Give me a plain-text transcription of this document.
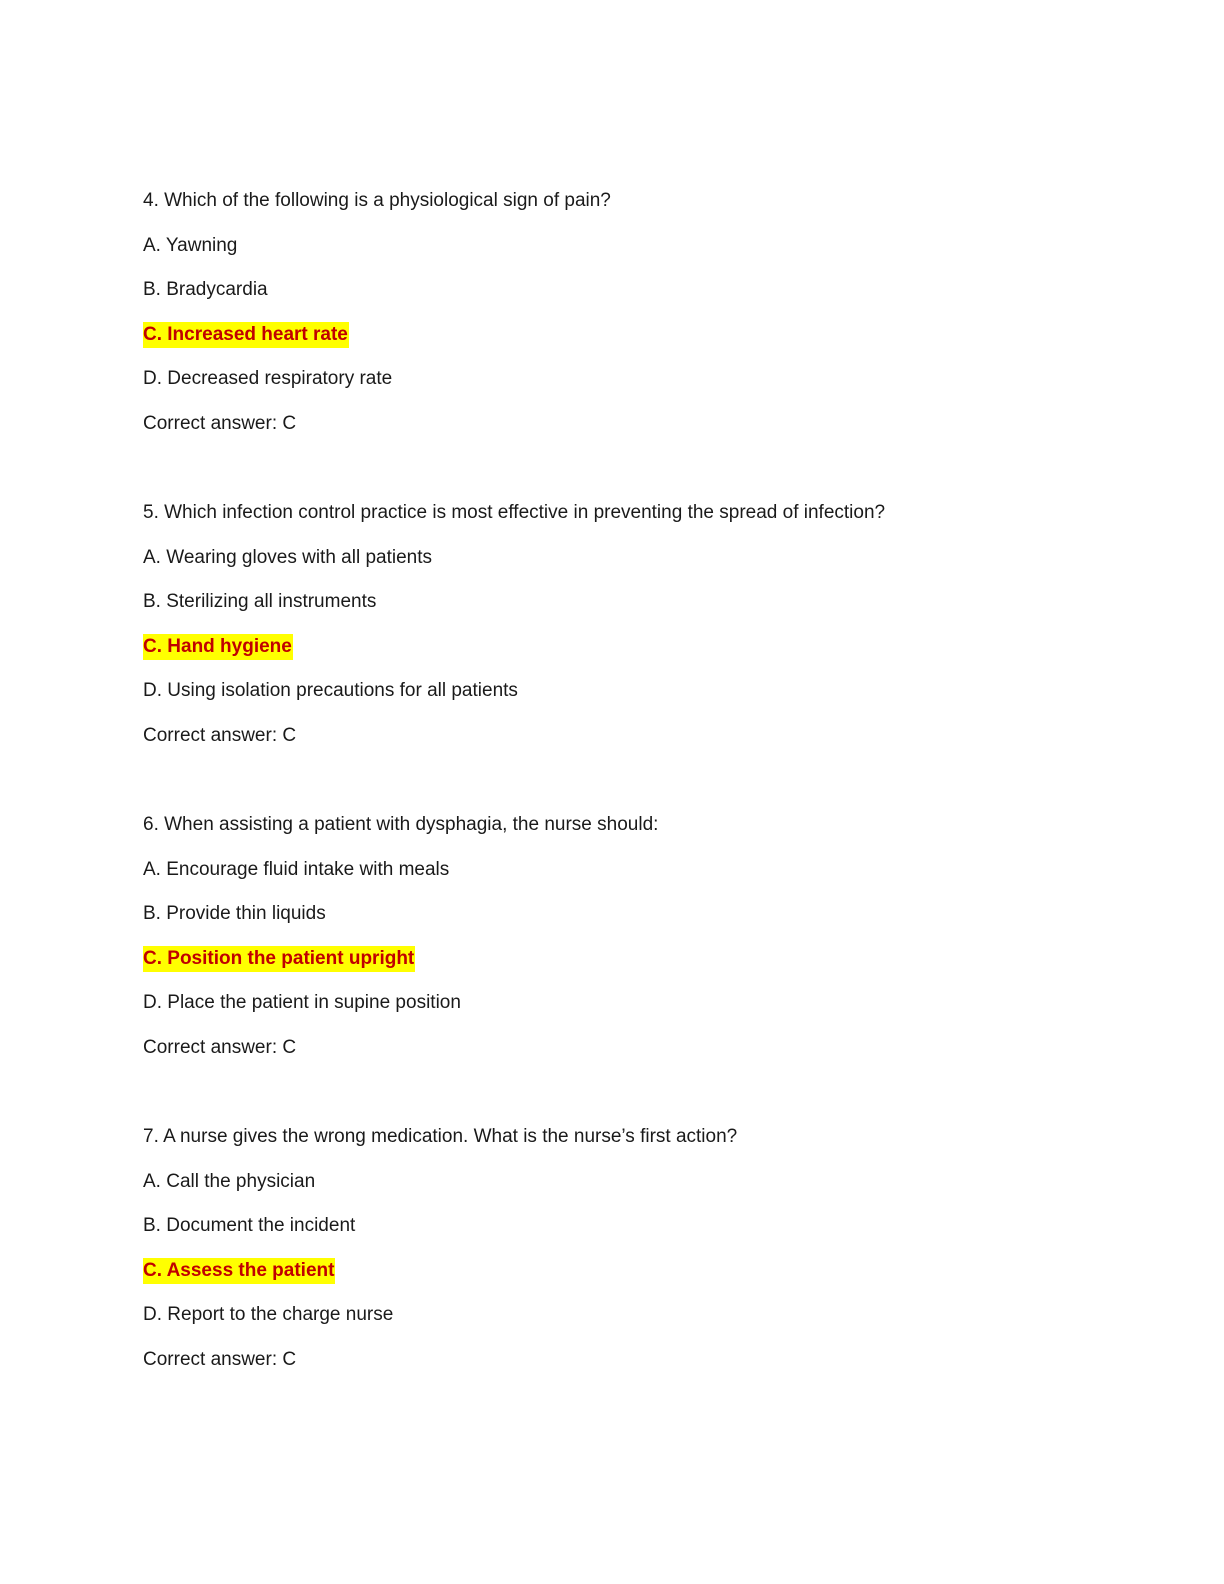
4. Which of the following is a physiological sign of pain?
A. Yawning
B. Bradycardia
C. Increased heart rate
D. Decreased respiratory rate
Correct answer: C
5. Which infection control practice is most effective in preventing the spread of infection?
A. Wearing gloves with all patients
B. Sterilizing all instruments
C. Hand hygiene
D. Using isolation precautions for all patients
Correct answer: C
6. When assisting a patient with dysphagia, the nurse should:
A. Encourage fluid intake with meals
B. Provide thin liquids
C. Position the patient upright
D. Place the patient in supine position
Correct answer: C
7. A nurse gives the wrong medication. What is the nurse’s first action?
A. Call the physician
B. Document the incident
C. Assess the patient
D. Report to the charge nurse
Correct answer: C
